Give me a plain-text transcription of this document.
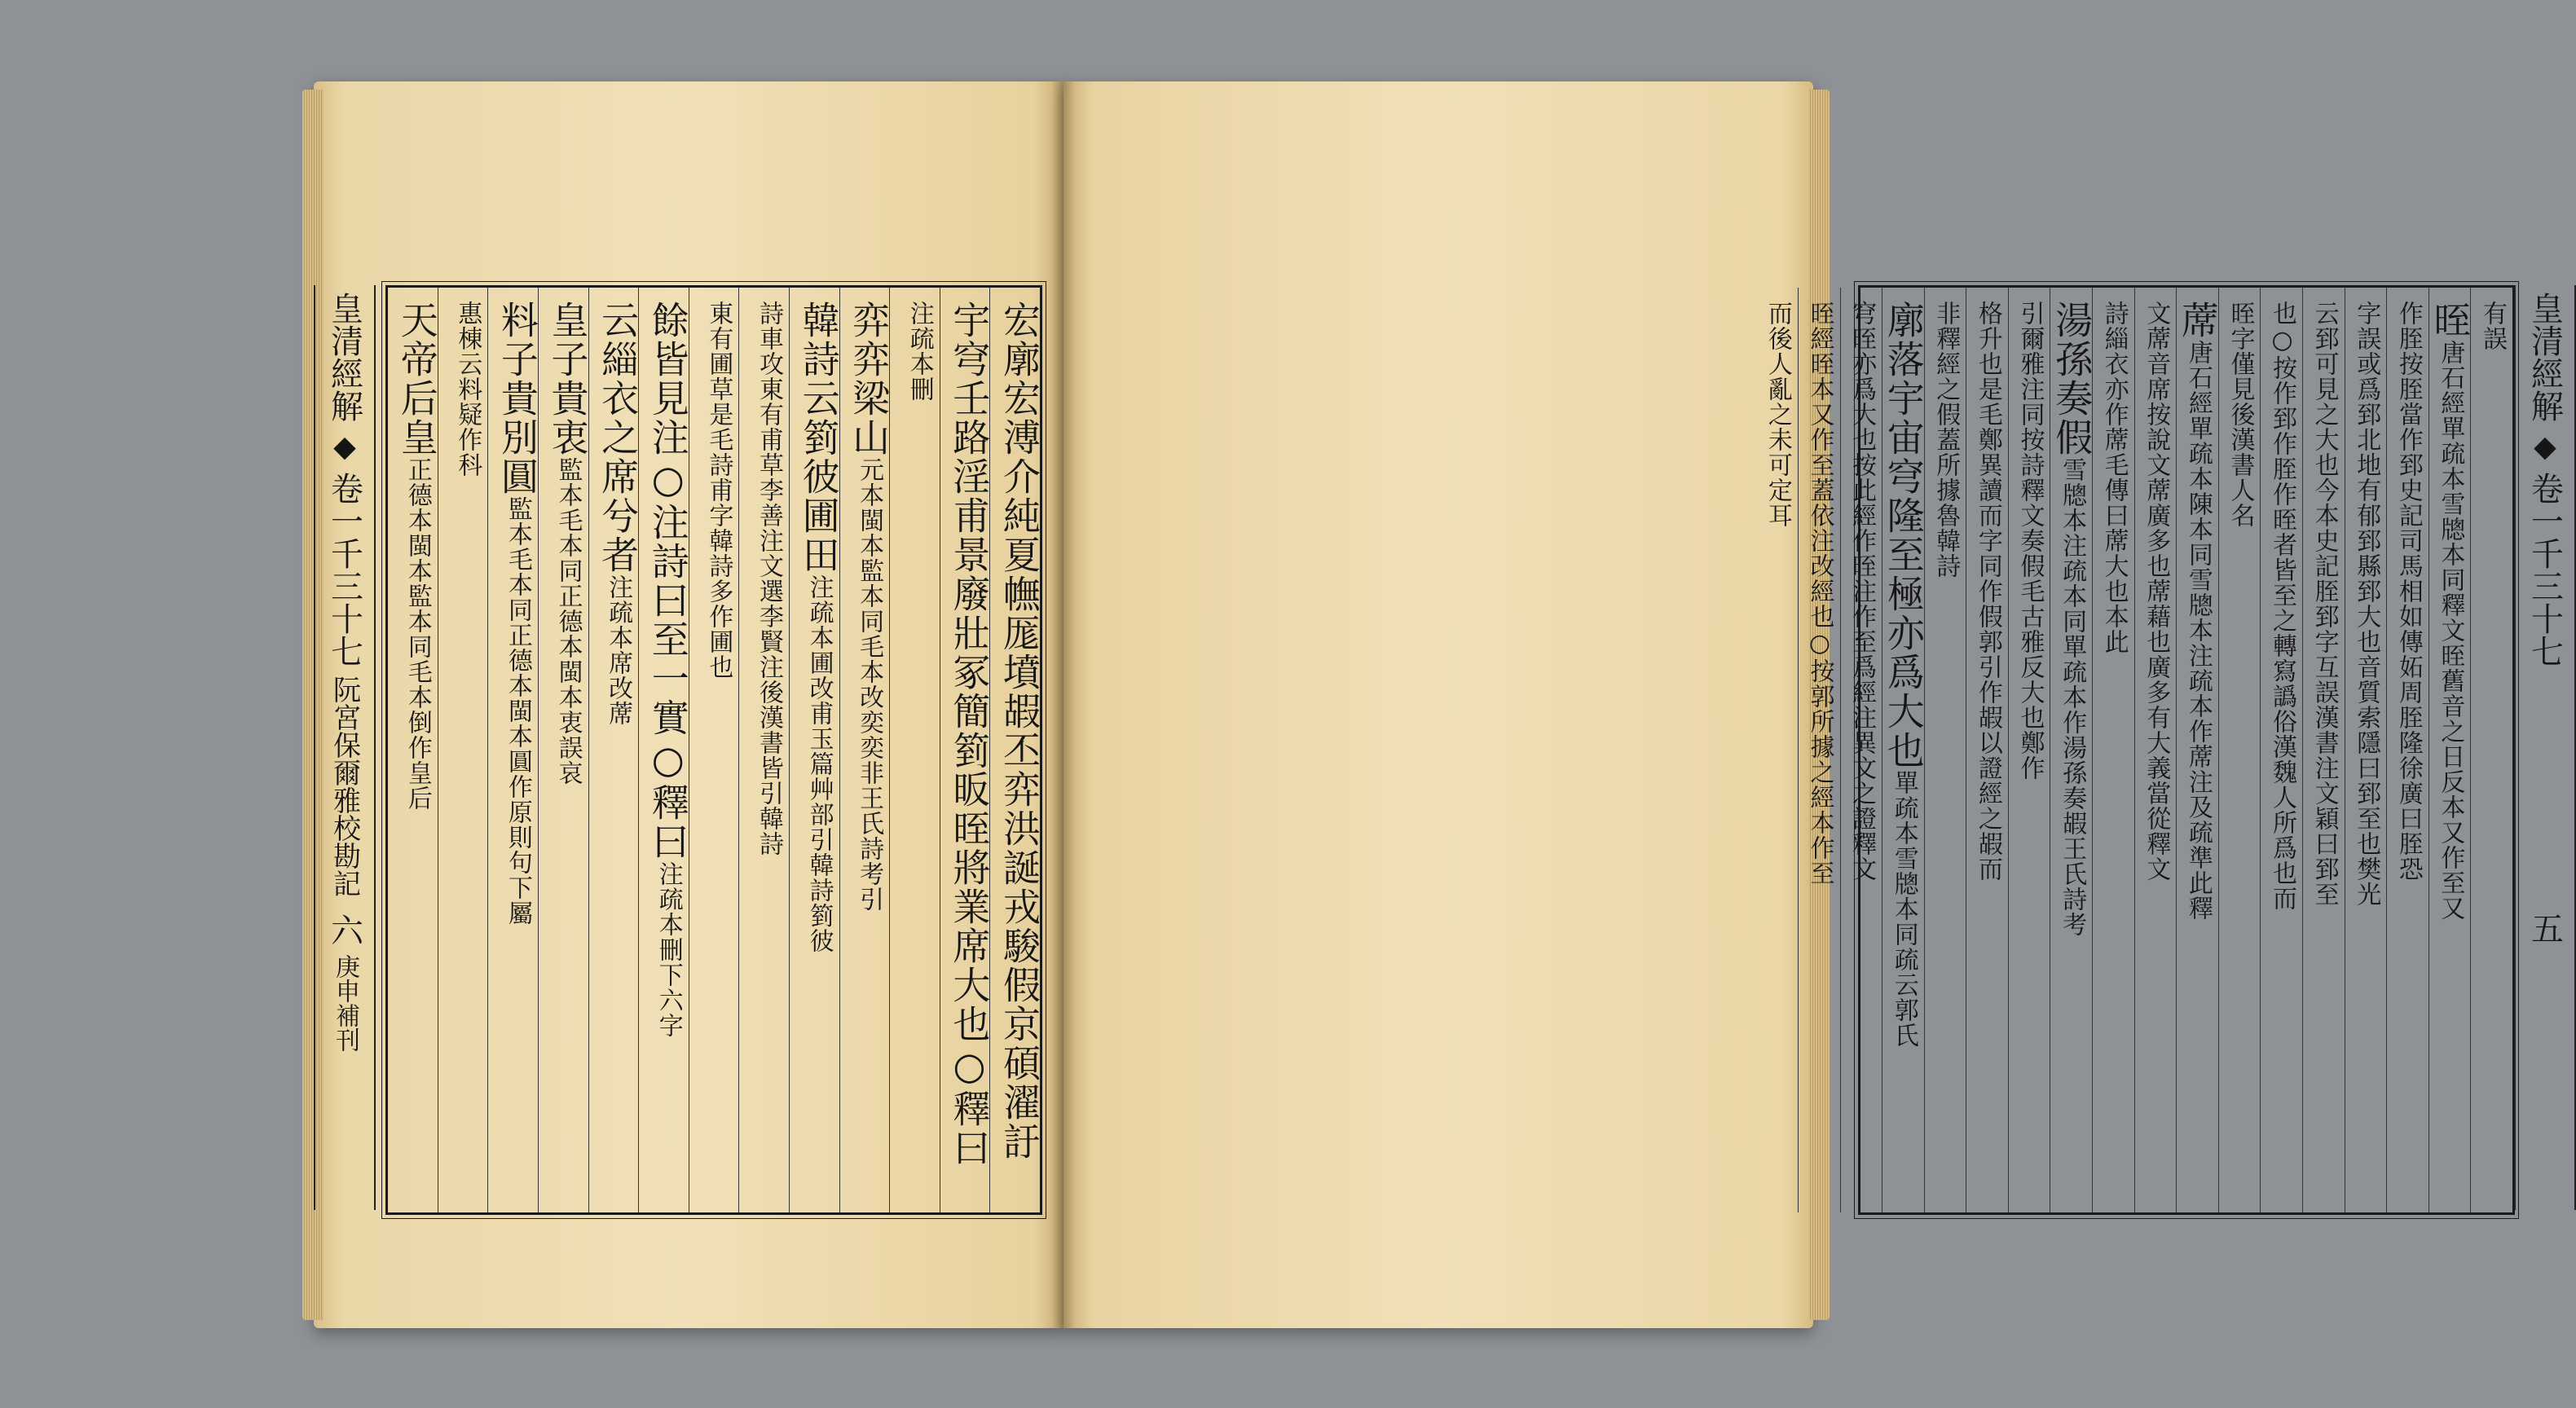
皇清經解
◆
卷一千三十七
阮宮保爾雅校勘記
六
庚申補刊	宏廓宏溥介純夏幠厖墳嘏丕弈洪誕戎駿假京碩濯訏
宇穹壬路淫甫景廢壯冢簡箌昄晊將業席大也○釋曰
注疏本刪
弈弈梁山元本閩本監本同毛本改奕奕非王氏詩考引
韓詩云箌彼圃田注疏本圃改甫玉篇艸部引韓詩箌彼
詩車攻東有甫草李善注文選李賢注後漢書皆引韓詩
東有圃草是毛詩甫字韓詩多作圃也
餘皆見注○注詩曰至一實○釋曰注疏本刪下六字
云緇衣之席兮者注疏本席改蓆
皇子貴衷監本毛本同正德本閩本衷誤哀
料子貴別圓監本毛本同正德本閩本圓作原則句下屬
惠棟云料疑作科
天帝后皇正德本閩本監本同毛本倒作皇后
有誤
晊唐石經單疏本雪牕本同釋文晊舊音之日反本又作至又
作胵按胵當作郅史記司馬相如傳妬周胵隆徐廣曰胵恐
字誤或爲郅北地有郁郅縣郅大也音質索隱曰郅至也樊光
云郅可見之大也今本史記胵郅字互誤漢書注文穎曰郅至
也○按作郅作胵作晊者皆至之轉寫譌俗漢魏人所爲也而
晊字僅見後漢書人名
蓆唐石經單疏本陳本同雪牕本注疏本作蓆注及疏準此釋
文蓆音席按說文蓆廣多也蓆藉也廣多有大義當從釋文
詩緇衣亦作蓆毛傳曰蓆大也本此
湯孫奏假雪牕本注疏本同單疏本作湯孫奏嘏王氏詩考
引爾雅注同按詩釋文奏假毛古雅反大也鄭作
格升也是毛鄭異讀而字同作假郭引作嘏以證經之嘏而
非釋經之假蓋所據魯韓詩
廓落宇宙穹隆至極亦爲大也單疏本雪牕本同疏云郭氏
穹晊亦爲大也按此經作晊注作至爲經注異文之證釋文
晊經晊本又作至蓋依注改經也○按郭所據之經本作至
而後人亂之未可定耳	皇清經解
◆
卷一千三十七
五
